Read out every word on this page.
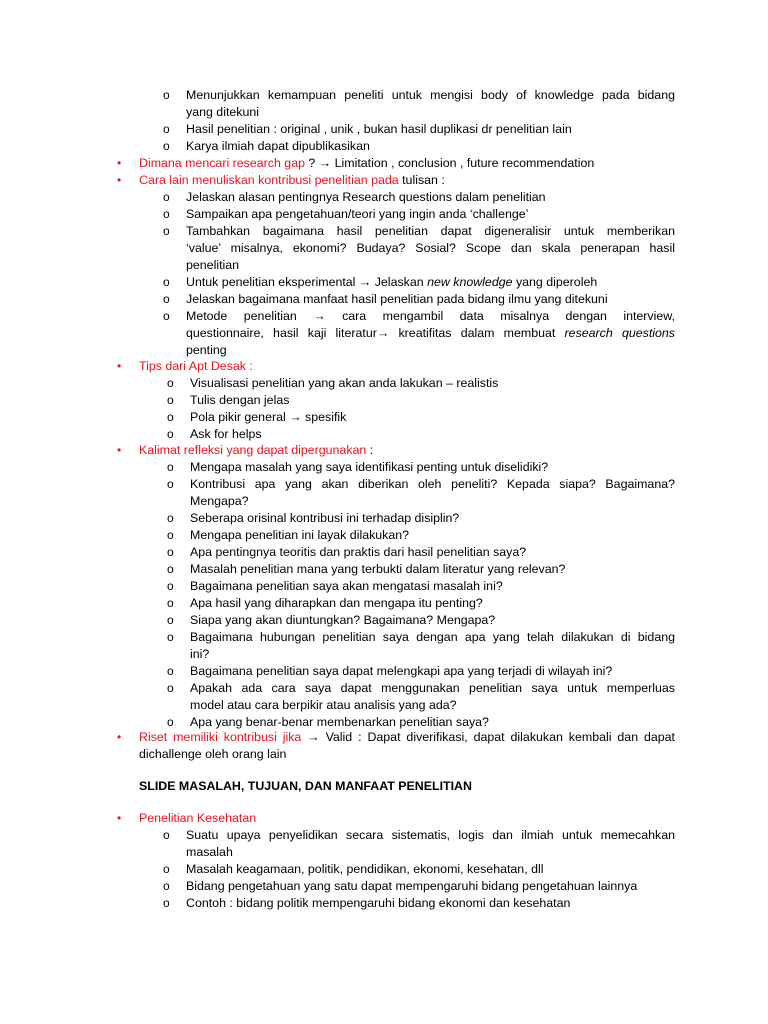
o Menunjukkan kemampuan peneliti untuk mengisi body of knowledge pada bidang
yang ditekuni
o Hasil penelitian : original , unik , bukan hasil duplikasi dr penelitian lain
o Karya ilmiah dapat dipublikasikan
• Dimana mencari research gap ? → Limitation , conclusion , future recommendation
• Cara lain menuliskan kontribusi penelitian pada tulisan :
o Jelaskan alasan pentingnya Research questions dalam penelitian
o Sampaikan apa pengetahuan/teori yang ingin anda ‘challenge’
o Tambahkan bagaimana hasil penelitian dapat digeneralisir untuk memberikan
‘value’ misalnya, ekonomi? Budaya? Sosial? Scope dan skala penerapan hasil
penelitian
o Untuk penelitian eksperimental → Jelaskan new knowledge yang diperoleh
o Jelaskan bagaimana manfaat hasil penelitian pada bidang ilmu yang ditekuni
o Metode penelitian → cara mengambil data misalnya dengan interview,
questionnaire, hasil kaji literatur→ kreatifitas dalam membuat research questions
penting
• Tips dari Apt Desak :
o Visualisasi penelitian yang akan anda lakukan – realistis
o Tulis dengan jelas
o Pola pikir general → spesifik
o Ask for helps
• Kalimat refleksi yang dapat dipergunakan :
o Mengapa masalah yang saya identifikasi penting untuk diselidiki?
o Kontribusi apa yang akan diberikan oleh peneliti? Kepada siapa? Bagaimana?
Mengapa?
o Seberapa orisinal kontribusi ini terhadap disiplin?
o Mengapa penelitian ini layak dilakukan?
o Apa pentingnya teoritis dan praktis dari hasil penelitian saya?
o Masalah penelitian mana yang terbukti dalam literatur yang relevan?
o Bagaimana penelitian saya akan mengatasi masalah ini?
o Apa hasil yang diharapkan dan mengapa itu penting?
o Siapa yang akan diuntungkan? Bagaimana? Mengapa?
o Bagaimana hubungan penelitian saya dengan apa yang telah dilakukan di bidang
ini?
o Bagaimana penelitian saya dapat melengkapi apa yang terjadi di wilayah ini?
o Apakah ada cara saya dapat menggunakan penelitian saya untuk memperluas
model atau cara berpikir atau analisis yang ada?
o Apa yang benar-benar membenarkan penelitian saya?
• Riset memiliki kontribusi jika → Valid : Dapat diverifikasi, dapat dilakukan kembali dan dapat
dichallenge oleh orang lain
SLIDE MASALAH, TUJUAN, DAN MANFAAT PENELITIAN
• Penelitian Kesehatan
o Suatu upaya penyelidikan secara sistematis, logis dan ilmiah untuk memecahkan
masalah
o Masalah keagamaan, politik, pendidikan, ekonomi, kesehatan, dll
o Bidang pengetahuan yang satu dapat mempengaruhi bidang pengetahuan lainnya
o Contoh : bidang politik mempengaruhi bidang ekonomi dan kesehatan
